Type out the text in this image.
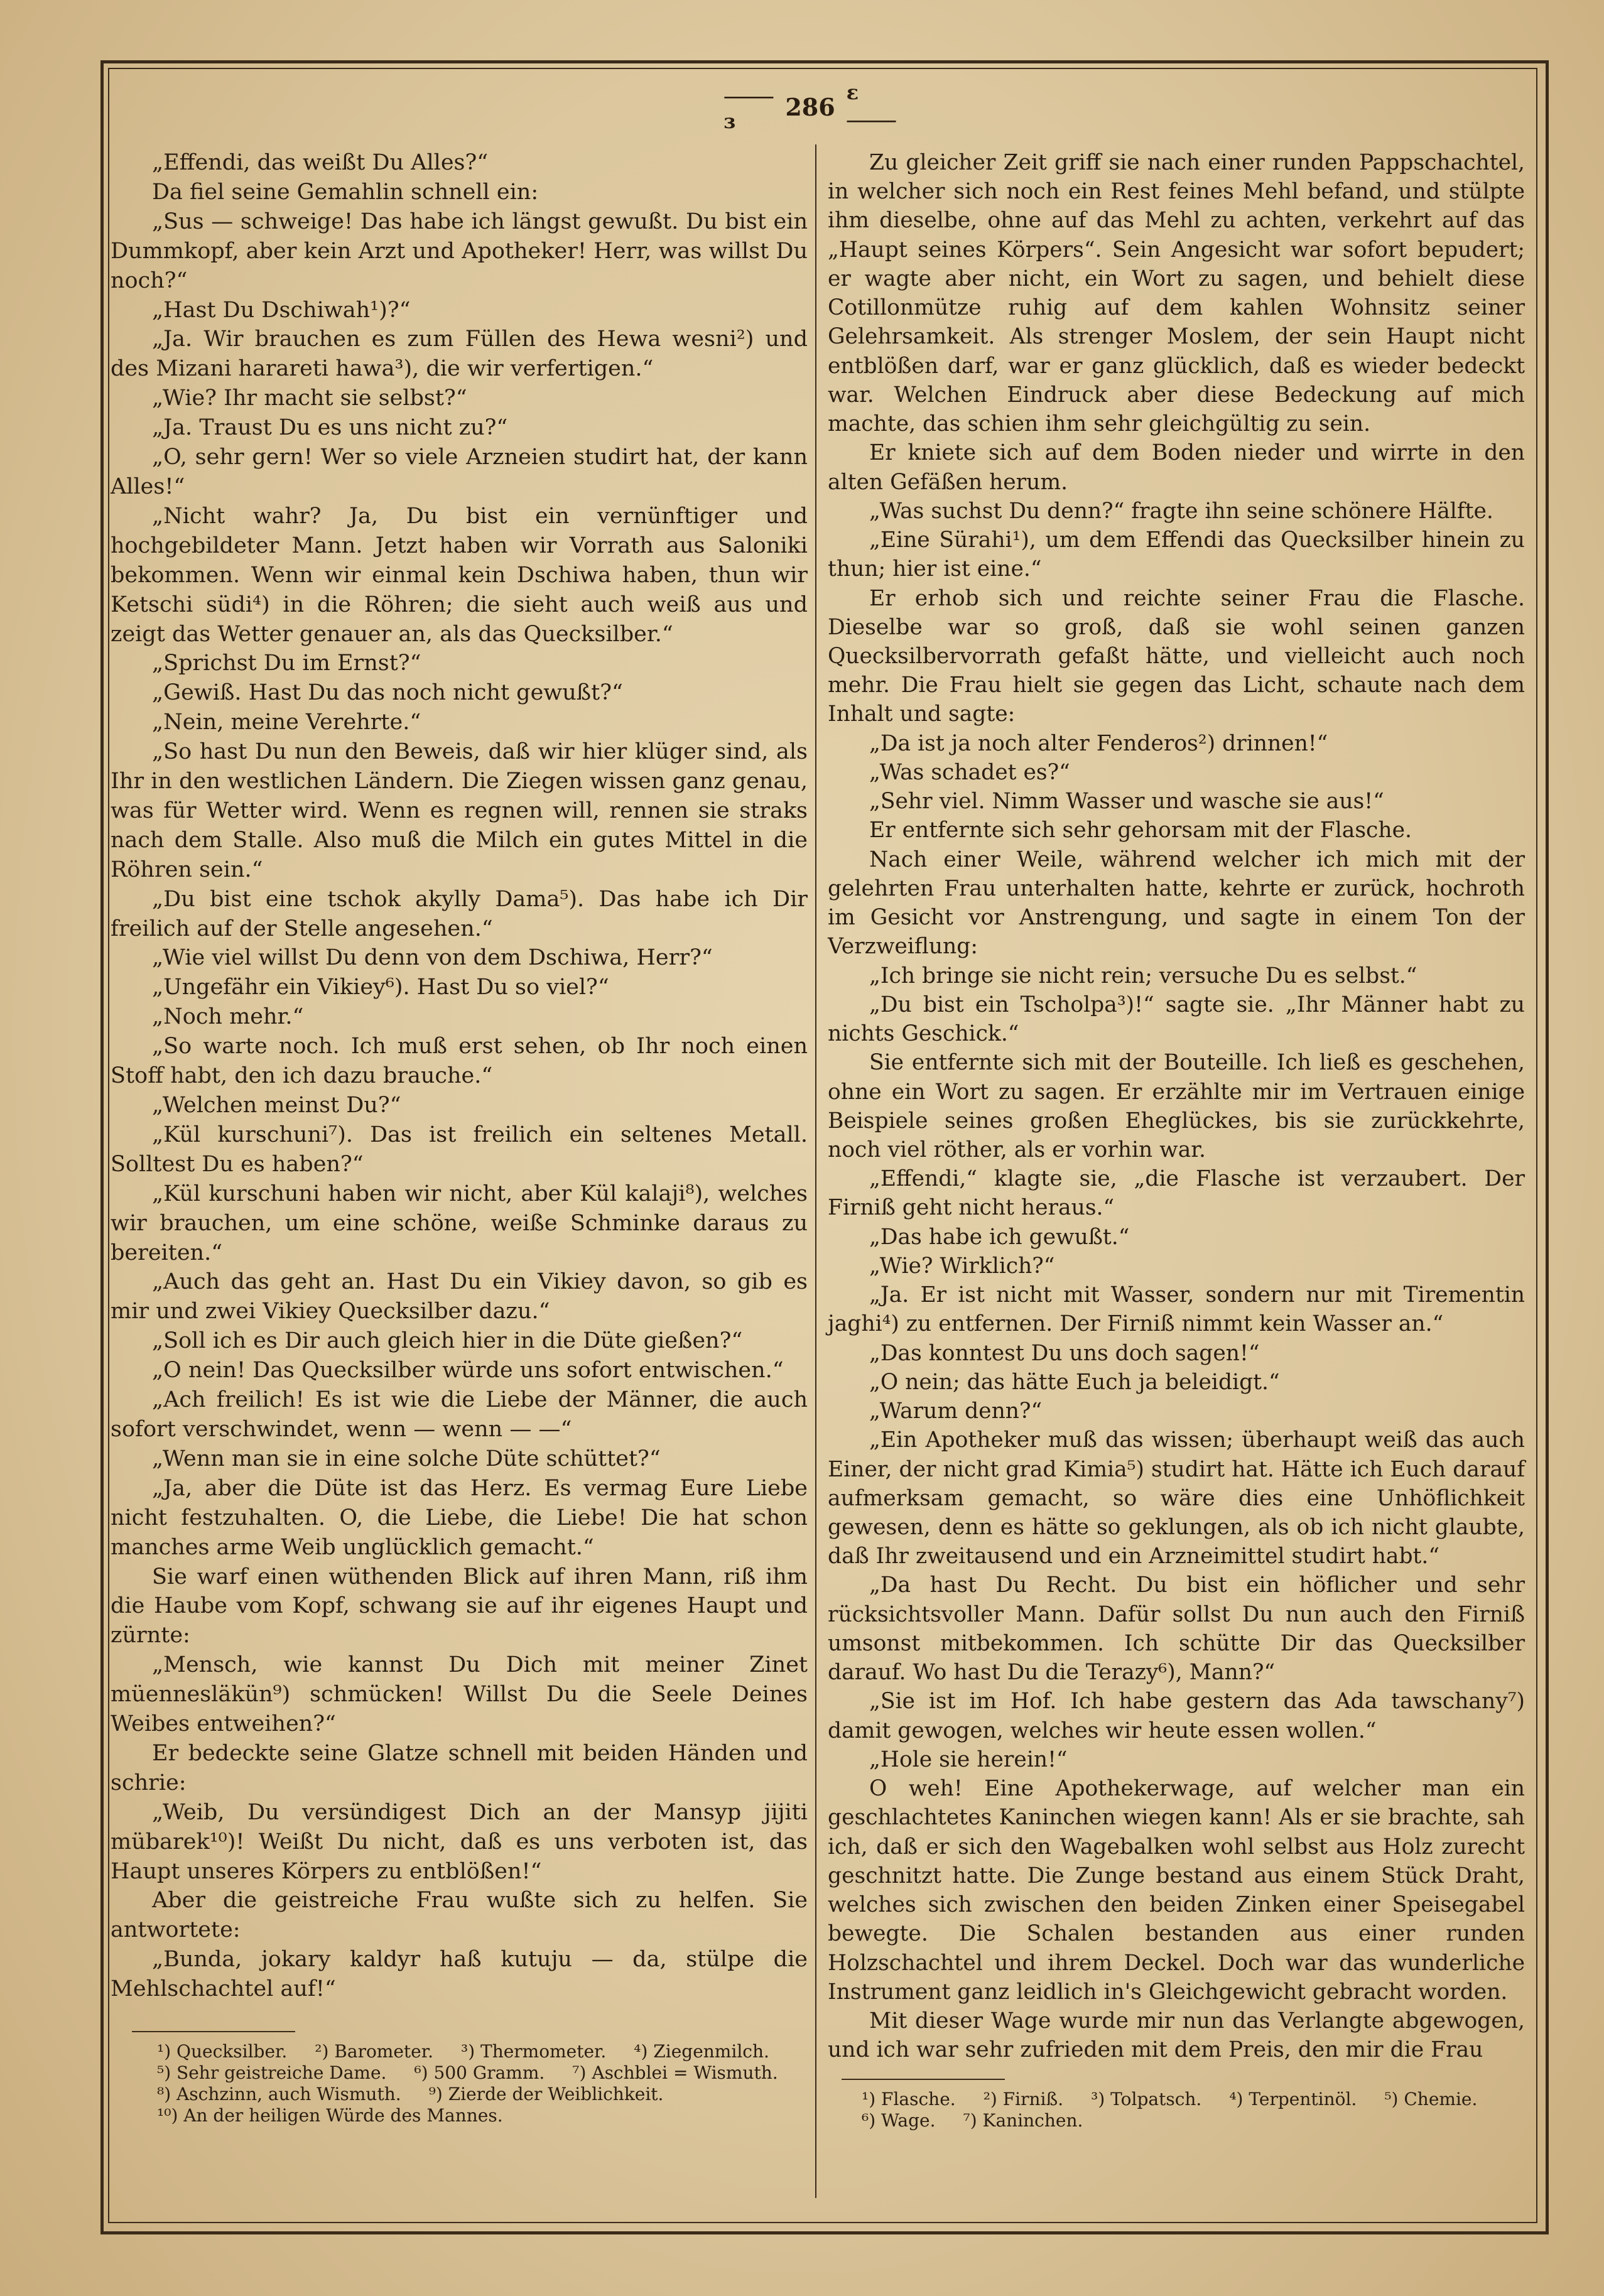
⸻ɜ
286
ɛ⸻

„Effendi, das weißt Du Alles?“

Da fiel seine Gemahlin schnell ein:

„Sus — schweige! Das habe ich längst gewußt. Du bist ein Dummkopf, aber kein Arzt und Apotheker! Herr, was willst Du noch?“

„Hast Du Dschiwah¹)?“

„Ja. Wir brauchen es zum Füllen des Hewa wesni²) und des Mizani harareti hawa³), die wir verfertigen.“

„Wie? Ihr macht sie selbst?“

„Ja. Traust Du es uns nicht zu?“

„O, sehr gern! Wer so viele Arzneien studirt hat, der kann Alles!“

„Nicht wahr? Ja, Du bist ein vernünftiger und hochgebildeter Mann. Jetzt haben wir Vorrath aus Saloniki bekommen. Wenn wir einmal kein Dschiwa haben, thun wir Ketschi südi⁴) in die Röhren; die sieht auch weiß aus und zeigt das Wetter genauer an, als das Quecksilber.“

„Sprichst Du im Ernst?“

„Gewiß. Hast Du das noch nicht gewußt?“

„Nein, meine Verehrte.“

„So hast Du nun den Beweis, daß wir hier klüger sind, als Ihr in den westlichen Ländern. Die Ziegen wissen ganz genau, was für Wetter wird. Wenn es regnen will, rennen sie straks nach dem Stalle. Also muß die Milch ein gutes Mittel in die Röhren sein.“

„Du bist eine tschok akylly Dama⁵). Das habe ich Dir freilich auf der Stelle angesehen.“

„Wie viel willst Du denn von dem Dschiwa, Herr?“

„Ungefähr ein Vikiey⁶). Hast Du so viel?“

„Noch mehr.“

„So warte noch. Ich muß erst sehen, ob Ihr noch einen Stoff habt, den ich dazu brauche.“

„Welchen meinst Du?“

„Kül kurschuni⁷). Das ist freilich ein seltenes Metall. Solltest Du es haben?“

„Kül kurschuni haben wir nicht, aber Kül kalaji⁸), welches wir brauchen, um eine schöne, weiße Schminke daraus zu bereiten.“

„Auch das geht an. Hast Du ein Vikiey davon, so gib es mir und zwei Vikiey Quecksilber dazu.“

„Soll ich es Dir auch gleich hier in die Düte gießen?“

„O nein! Das Quecksilber würde uns sofort entwischen.“

„Ach freilich! Es ist wie die Liebe der Männer, die auch sofort verschwindet, wenn — wenn — —“

„Wenn man sie in eine solche Düte schüttet?“

„Ja, aber die Düte ist das Herz. Es vermag Eure Liebe nicht festzuhalten. O, die Liebe, die Liebe! Die hat schon manches arme Weib unglücklich gemacht.“

Sie warf einen wüthenden Blick auf ihren Mann, riß ihm die Haube vom Kopf, schwang sie auf ihr eigenes Haupt und zürnte:

„Mensch, wie kannst Du Dich mit meiner Zinet müennesläkün⁹) schmücken! Willst Du die Seele Deines Weibes entweihen?“

Er bedeckte seine Glatze schnell mit beiden Händen und schrie:

„Weib, Du versündigest Dich an der Mansyp jijiti mübarek¹⁰)! Weißt Du nicht, daß es uns verboten ist, das Haupt unseres Körpers zu entblößen!“

Aber die geistreiche Frau wußte sich zu helfen. Sie antwortete:

„Bunda, jokary kaldyr haß kutuju — da, stülpe die Mehlschachtel auf!“

Zu gleicher Zeit griff sie nach einer runden Pappschachtel, in welcher sich noch ein Rest feines Mehl befand, und stülpte ihm dieselbe, ohne auf das Mehl zu achten, verkehrt auf das „Haupt seines Körpers“. Sein Angesicht war sofort bepudert; er wagte aber nicht, ein Wort zu sagen, und behielt diese Cotillonmütze ruhig auf dem kahlen Wohnsitz seiner Gelehrsamkeit. Als strenger Moslem, der sein Haupt nicht entblößen darf, war er ganz glücklich, daß es wieder bedeckt war. Welchen Eindruck aber diese Bedeckung auf mich machte, das schien ihm sehr gleichgültig zu sein.

Er kniete sich auf dem Boden nieder und wirrte in den alten Gefäßen herum.

„Was suchst Du denn?“ fragte ihn seine schönere Hälfte.

„Eine Sürahi¹), um dem Effendi das Quecksilber hinein zu thun; hier ist eine.“

Er erhob sich und reichte seiner Frau die Flasche. Dieselbe war so groß, daß sie wohl seinen ganzen Quecksilbervorrath gefaßt hätte, und vielleicht auch noch mehr. Die Frau hielt sie gegen das Licht, schaute nach dem Inhalt und sagte:

„Da ist ja noch alter Fenderos²) drinnen!“

„Was schadet es?“

„Sehr viel. Nimm Wasser und wasche sie aus!“

Er entfernte sich sehr gehorsam mit der Flasche.

Nach einer Weile, während welcher ich mich mit der gelehrten Frau unterhalten hatte, kehrte er zurück, hochroth im Gesicht vor Anstrengung, und sagte in einem Ton der Verzweiflung:

„Ich bringe sie nicht rein; versuche Du es selbst.“

„Du bist ein Tscholpa³)!“ sagte sie. „Ihr Männer habt zu nichts Geschick.“

Sie entfernte sich mit der Bouteille. Ich ließ es geschehen, ohne ein Wort zu sagen. Er erzählte mir im Vertrauen einige Beispiele seines großen Eheglückes, bis sie zurückkehrte, noch viel röther, als er vorhin war.

„Effendi,“ klagte sie, „die Flasche ist verzaubert. Der Firniß geht nicht heraus.“

„Das habe ich gewußt.“

„Wie? Wirklich?“

„Ja. Er ist nicht mit Wasser, sondern nur mit Tirementin jaghi⁴) zu entfernen. Der Firniß nimmt kein Wasser an.“

„Das konntest Du uns doch sagen!“

„O nein; das hätte Euch ja beleidigt.“

„Warum denn?“

„Ein Apotheker muß das wissen; überhaupt weiß das auch Einer, der nicht grad Kimia⁵) studirt hat. Hätte ich Euch darauf aufmerksam gemacht, so wäre dies eine Unhöflichkeit gewesen, denn es hätte so geklungen, als ob ich nicht glaubte, daß Ihr zweitausend und ein Arzneimittel studirt habt.“

„Da hast Du Recht. Du bist ein höflicher und sehr rücksichtsvoller Mann. Dafür sollst Du nun auch den Firniß umsonst mitbekommen. Ich schütte Dir das Quecksilber darauf. Wo hast Du die Terazy⁶), Mann?“

„Sie ist im Hof. Ich habe gestern das Ada tawschany⁷) damit gewogen, welches wir heute essen wollen.“

„Hole sie herein!“

O weh! Eine Apothekerwage, auf welcher man ein geschlachtetes Kaninchen wiegen kann! Als er sie brachte, sah ich, daß er sich den Wagebalken wohl selbst aus Holz zurecht geschnitzt hatte. Die Zunge bestand aus einem Stück Draht, welches sich zwischen den beiden Zinken einer Speisegabel bewegte. Die Schalen bestanden aus einer runden Holzschachtel und ihrem Deckel. Doch war das wunderliche Instrument ganz leidlich in's Gleichgewicht gebracht worden.

Mit dieser Wage wurde mir nun das Verlangte abgewogen, und ich war sehr zufrieden mit dem Preis, den mir die Frau

¹) Quecksilber. ²) Barometer. ³) Thermometer. ⁴) Ziegenmilch.
⁵) Sehr geistreiche Dame. ⁶) 500 Gramm. ⁷) Aschblei = Wismuth.
⁸) Aschzinn, auch Wismuth. ⁹) Zierde der Weiblichkeit.
¹⁰) An der heiligen Würde des Mannes.
¹) Flasche. ²) Firniß. ³) Tolpatsch. ⁴) Terpentinöl. ⁵) Chemie.
⁶) Wage. ⁷) Kaninchen.
